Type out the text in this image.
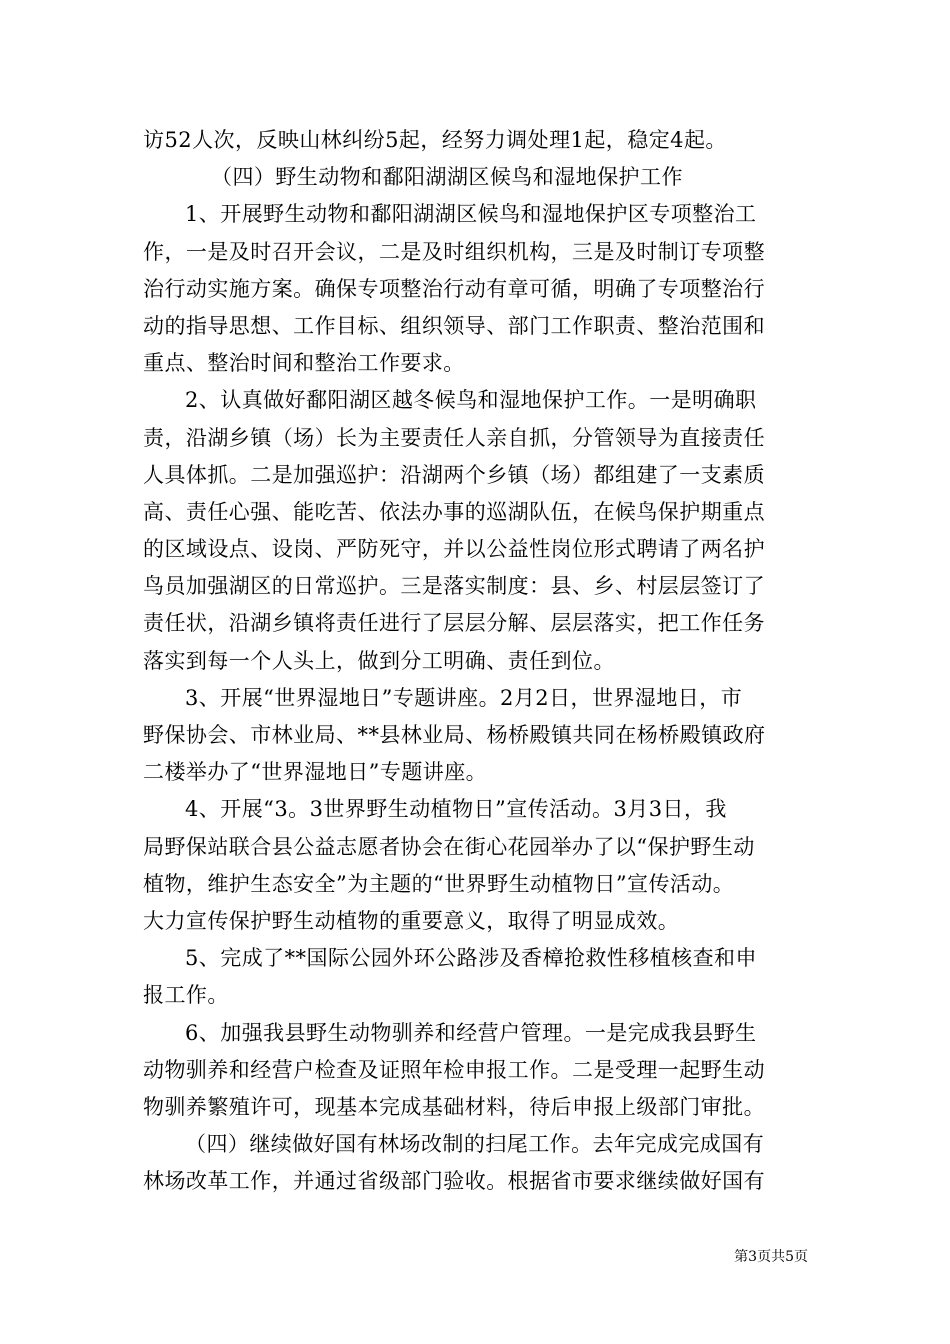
访52人次，反映山林纠纷5起，经努力调处理1起，稳定4起。

（四）野生动物和鄱阳湖湖区候鸟和湿地保护工作

1、开展野生动物和鄱阳湖湖区候鸟和湿地保护区专项整治工

作，一是及时召开会议，二是及时组织机构，三是及时制订专项整

治行动实施方案。确保专项整治行动有章可循，明确了专项整治行

动的指导思想、工作目标、组织领导、部门工作职责、整治范围和

重点、整治时间和整治工作要求。

2、认真做好鄱阳湖区越冬候鸟和湿地保护工作。一是明确职

责，沿湖乡镇（场）长为主要责任人亲自抓，分管领导为直接责任

人具体抓。二是加强巡护：沿湖两个乡镇（场）都组建了一支素质

高、责任心强、能吃苦、依法办事的巡湖队伍，在候鸟保护期重点

的区域设点、设岗、严防死守，并以公益性岗位形式聘请了两名护

鸟员加强湖区的日常巡护。三是落实制度：县、乡、村层层签订了

责任状，沿湖乡镇将责任进行了层层分解、层层落实，把工作任务

落实到每一个人头上，做到分工明确、责任到位。

3、开展“世界湿地日”专题讲座。2月2日，世界湿地日，市

野保协会、市林业局、**县林业局、杨桥殿镇共同在杨桥殿镇政府

二楼举办了“世界湿地日”专题讲座。

4、开展“3。3世界野生动植物日”宣传活动。3月3日，我

局野保站联合县公益志愿者协会在街心花园举办了以“保护野生动

植物，维护生态安全”为主题的“世界野生动植物日”宣传活动。

大力宣传保护野生动植物的重要意义，取得了明显成效。

5、完成了**国际公园外环公路涉及香樟抢救性移植核查和申

报工作。

6、加强我县野生动物驯养和经营户管理。一是完成我县野生

动物驯养和经营户检查及证照年检申报工作。二是受理一起野生动

物驯养繁殖许可，现基本完成基础材料，待后申报上级部门审批。

（四）继续做好国有林场改制的扫尾工作。去年完成完成国有

林场改革工作，并通过省级部门验收。根据省市要求继续做好国有

第3页共5页
